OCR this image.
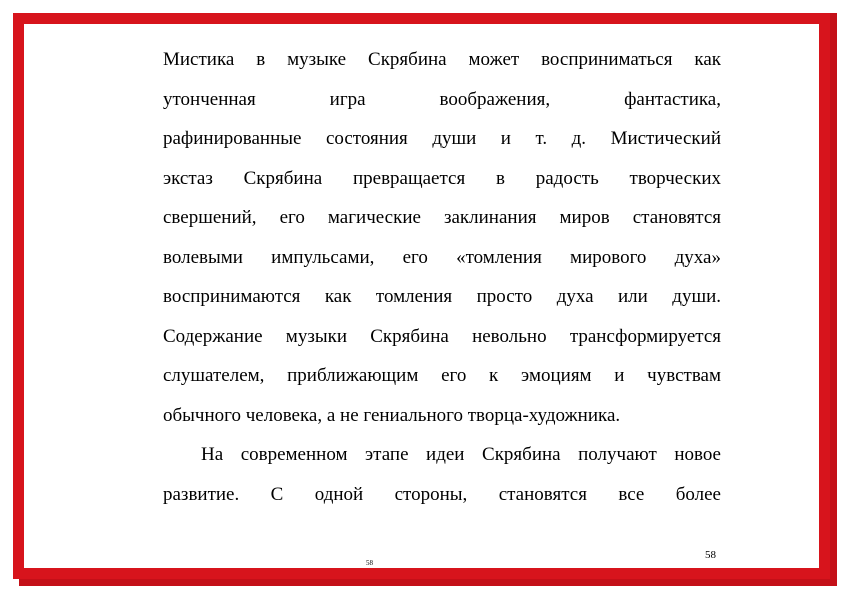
Мистика в музыке Скрябина может восприниматься как
утонченная игра воображения, фантастика,
рафинированные состояния души и т. д. Мистический
экстаз Скрябина превращается в радость творческих
свершений, его магические заклинания миров становятся
волевыми импульсами, его «томления мирового духа»
воспринимаются как томления просто духа или души.
Содержание музыки Скрябина невольно трансформируется
слушателем, приближающим его к эмоциям и чувствам
обычного человека, а не гениального творца-художника.
На современном этапе идеи Скрябина получают новое
развитие. С одной стороны, становятся все более
58
58
